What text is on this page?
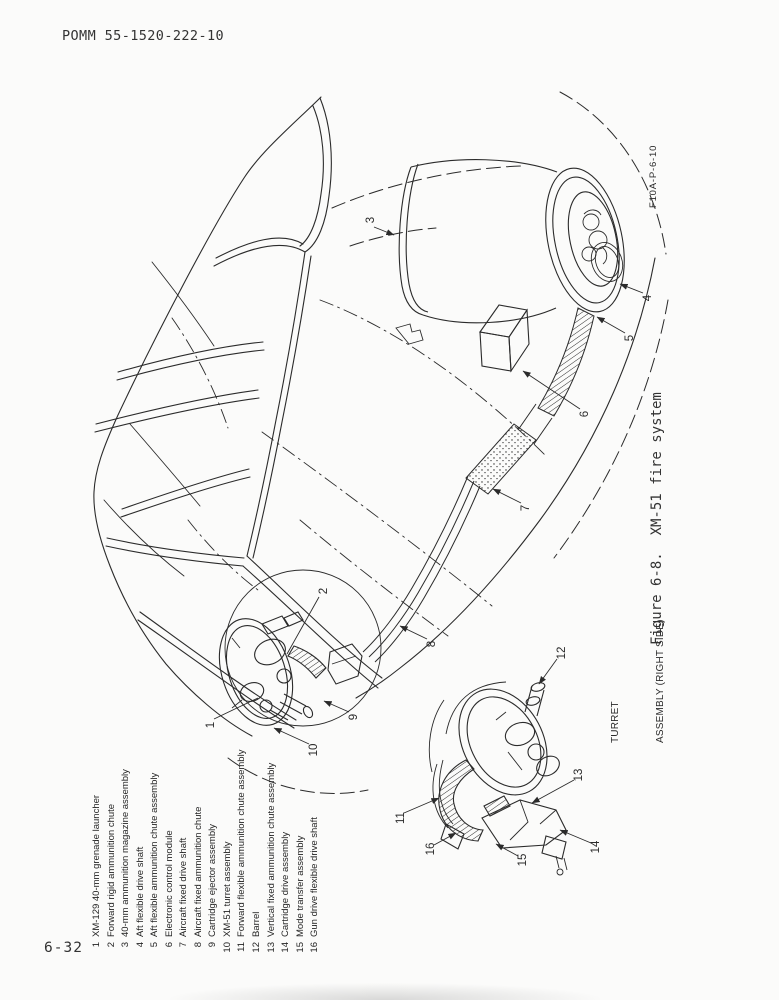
POMM 55-1520-222-10
3
4
5
6
7
8
1
2
9
10
12
11
16
15
14
13
F10A-P-6-10
Figure 6-8.  XM-51 fire system

TURRET

	ASSEMBLY (RIGHT SIDE)

1
XM-129 40-mm grenade launcher
2
Forward rigid ammunition chute
3
40-mm ammunition magazine assembly
4
Aft flexible drive shaft
5
Aft flexible ammunition chute assembly
6
Electronic control module
7
Aircraft fixed drive shaft
8
Aircraft fixed ammunition chute
9
Cartridge ejector assembly
10
XM-51 turret assembly
11
Forward flexible ammunition chute assembly
12
Barrel
13
Vertical fixed ammunition chute assembly
14
Cartridge drive assembly
15
Mode transfer assembly
16
Gun drive flexible drive shaft
6-32
